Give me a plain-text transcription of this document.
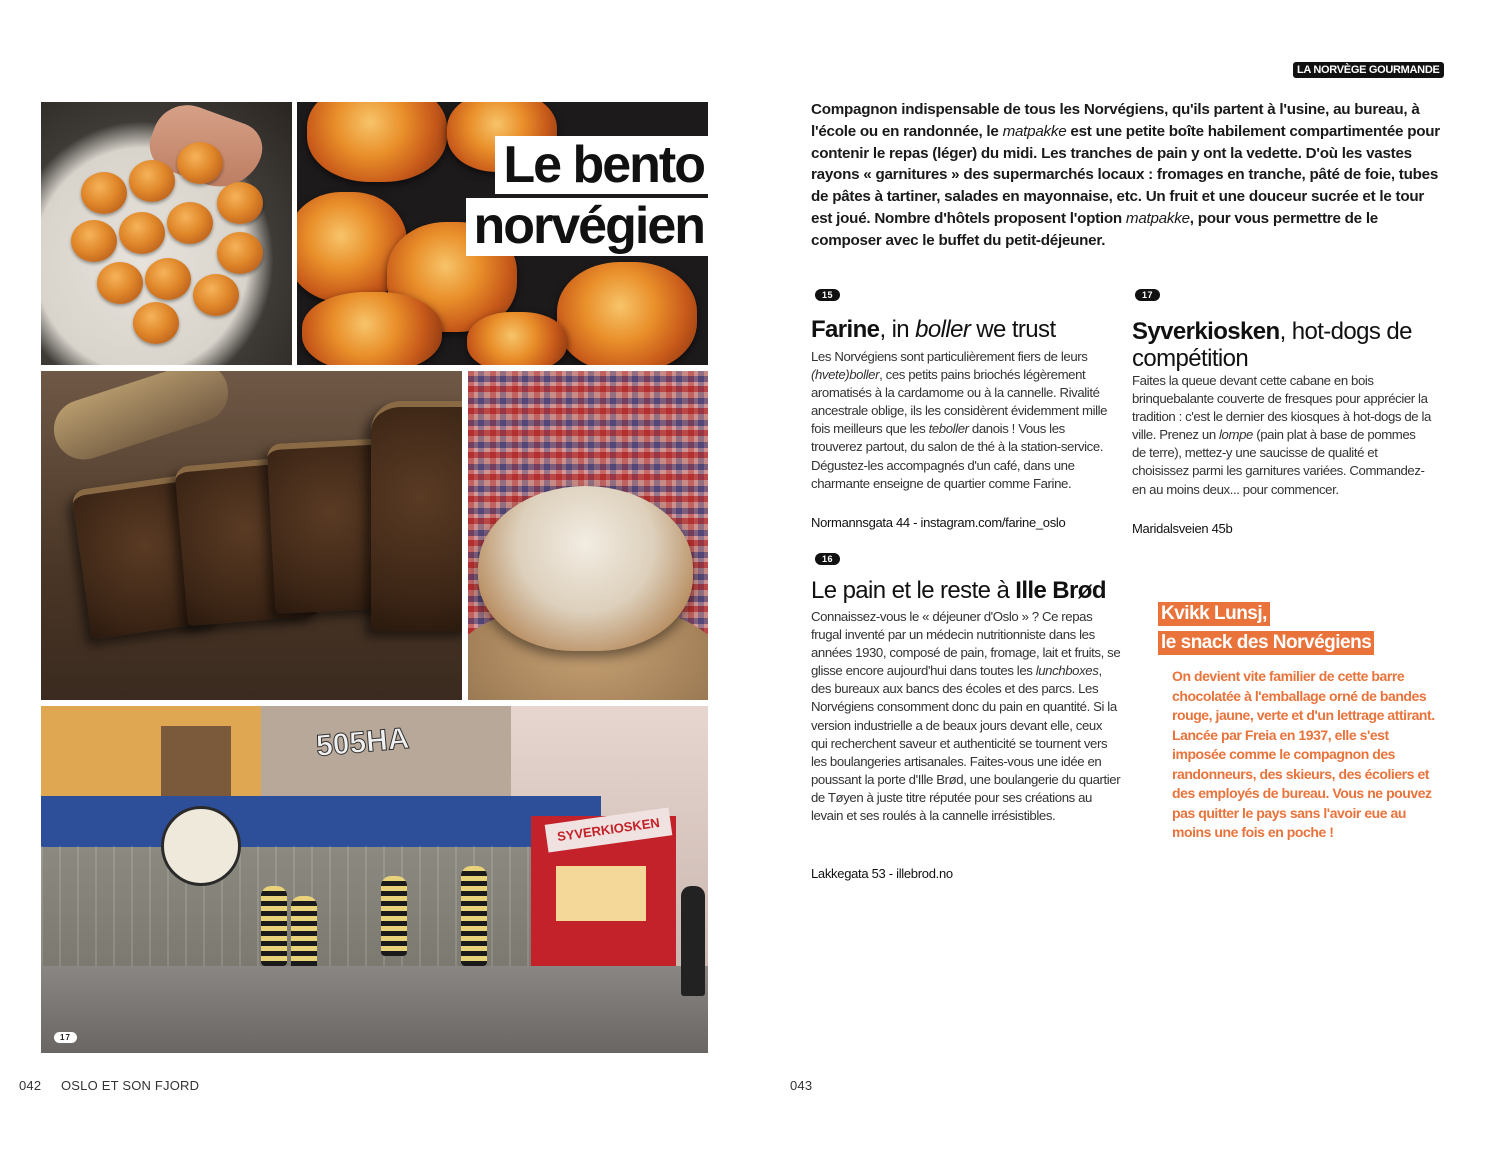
Le bento
norvégien
505HA
SYVERKIOSKEN
17
042 OSLO ET SON FJORD
LA NORVÈGE GOURMANDE

Compagnon indispensable de tous les Norvégiens, qu'ils partent à l'usine, au bureau, à l'école ou en randonnée, le matpakke est une petite boîte habilement compartimentée pour contenir le repas (léger) du midi. Les tranches de pain y ont la vedette. D'où les vastes rayons « garnitures » des supermarchés locaux : fromages en tranche, pâté de foie, tubes de pâtes à tartiner, salades en mayonnaise, etc. Un fruit et une douceur sucrée et le tour est joué. Nombre d'hôtels proposent l'option matpakke, pour vous permettre de le composer avec le buffet du petit-déjeuner.

15
Farine, in boller we trust

Les Norvégiens sont particulièrement fiers de leurs (hvete)boller, ces petits pains briochés légèrement aromatisés à la cardamome ou à la cannelle. Rivalité ancestrale oblige, ils les considèrent évidemment mille fois meilleurs que les teboller danois ! Vous les trouverez partout, du salon de thé à la station-service. Dégustez-les accompagnés d'un café, dans une charmante enseigne de quartier comme Farine.

Normannsgata 44 - instagram.com/farine_oslo
16
Le pain et le reste à Ille Brød

Connaissez-vous le « déjeuner d'Oslo » ? Ce repas frugal inventé par un médecin nutritionniste dans les années 1930, composé de pain, fromage, lait et fruits, se glisse encore aujourd'hui dans toutes les lunchboxes, des bureaux aux bancs des écoles et des parcs. Les Norvégiens consomment donc du pain en quantité. Si la version industrielle a de beaux jours devant elle, ceux qui recherchent saveur et authenticité se tournent vers les boulangeries artisanales. Faites-vous une idée en poussant la porte d'Ille Brød, une boulangerie du quartier de Tøyen à juste titre réputée pour ses créations au levain et ses roulés à la cannelle irrésistibles.

Lakkegata 53 - illebrod.no
17
Syverkiosken, hot-dogs de compétition

Faites la queue devant cette cabane en bois brinquebalante couverte de fresques pour apprécier la tradition : c'est le dernier des kiosques à hot-dogs de la ville. Prenez un lompe (pain plat à base de pommes de terre), mettez-y une saucisse de qualité et choisissez parmi les garnitures variées. Commandez-en au moins deux... pour commencer.

Maridalsveien 45b
Kvikk Lunsj,
le snack des Norvégiens

On devient vite familier de cette barre chocolatée à l'emballage orné de bandes rouge, jaune, verte et d'un lettrage attirant. Lancée par Freia en 1937, elle s'est imposée comme le compagnon des randonneurs, des skieurs, des écoliers et des employés de bureau. Vous ne pouvez pas quitter le pays sans l'avoir eue au moins une fois en poche !

043
